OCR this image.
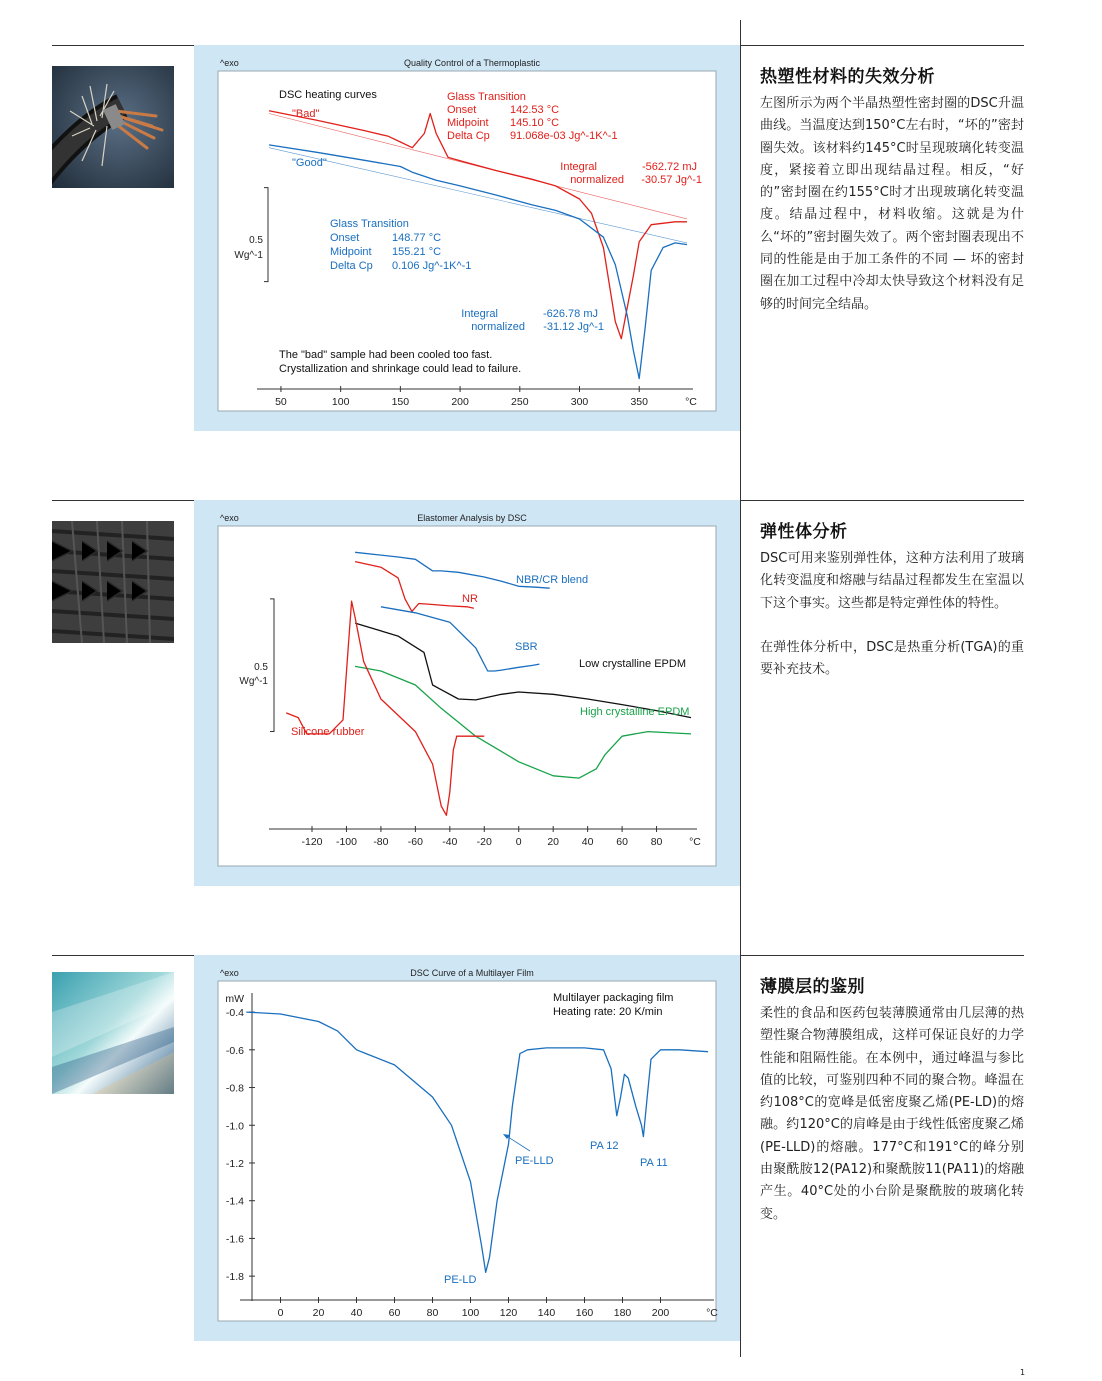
^exo	Quality Control of a Thermoplastic
DSC heating curves
"Bad"
"Good"
Glass Transition
Onset	142.53 °C
Midpoint 145.10 °C
Delta Cp 91.068e-03 Jg^-1K^-1
Integral	-562.72 mJ
normalized -30.57 Jg^-1
Glass Transition
Onset	148.77 °C
Midpoint 155.21 °C
Delta Cp 0.106 Jg^-1K^-1
Integral	-626.78 mJ
normalized -31.12 Jg^-1
The "bad" sample had been cooled too fast.
Crystallization and shrinkage could lead to failure.
0.5
Wg^-1
50	100	150	200	250	300	350	°C
热塑性材料的失效分析

左图所示为两个半晶热塑性密封圈的DSC升温曲线。当温度达到150°C左右时，“坏的”密封圈失效。该材料约145°C时呈现玻璃化转变温度，紧接着立即出现结晶过程。相反，“好的”密封圈在约155°C时才出现玻璃化转变温度。结晶过程中，材料收缩。这就是为什么“坏的”密封圈失效了。两个密封圈表现出不同的性能是由于加工条件的不同 — 坏的密封圈在加工过程中冷却太快导致这个材料没有足够的时间完全结晶。

^exo	Elastomer Analysis by DSC
Silicone rubber
NR
NBR/CR blend
SBR
Low crystalline EPDM
High crystalline EPDM
0.5
Wg^-1
-120 -100 -80 -60 -40 -20 0 20 40 60 80	°C
弹性体分析

DSC可用来鉴别弹性体，这种方法利用了玻璃化转变温度和熔融与结晶过程都发生在室温以下这个事实。这些都是特定弹性体的特性。

在弹性体分析中，DSC是热重分析(TGA)的重要补充技术。

^exo	DSC Curve of a Multilayer Film
mW
-0.4
-0.6
-0.8
-1.0
-1.2
-1.4
-1.6
-1.8
Multilayer packaging film
Heating rate: 20 K/min
PE-LD
PE-LLD
PA 12
PA 11
0	20	40	60	80 100 120 140 160 180 200	°C
薄膜层的鉴别

柔性的食品和医药包装薄膜通常由几层薄的热塑性聚合物薄膜组成，这样可保证良好的力学性能和阻隔性能。在本例中，通过峰温与参比值的比较，可鉴别四种不同的聚合物。峰温在约108°C的宽峰是低密度聚乙烯(PE-LD)的熔融。约120°C的肩峰是由于线性低密度聚乙烯(PE-LLD)的熔融。177°C和191°C的峰分别由聚酰胺12(PA12)和聚酰胺11(PA11)的熔融产生。40°C处的小台阶是聚酰胺的玻璃化转变。

1
